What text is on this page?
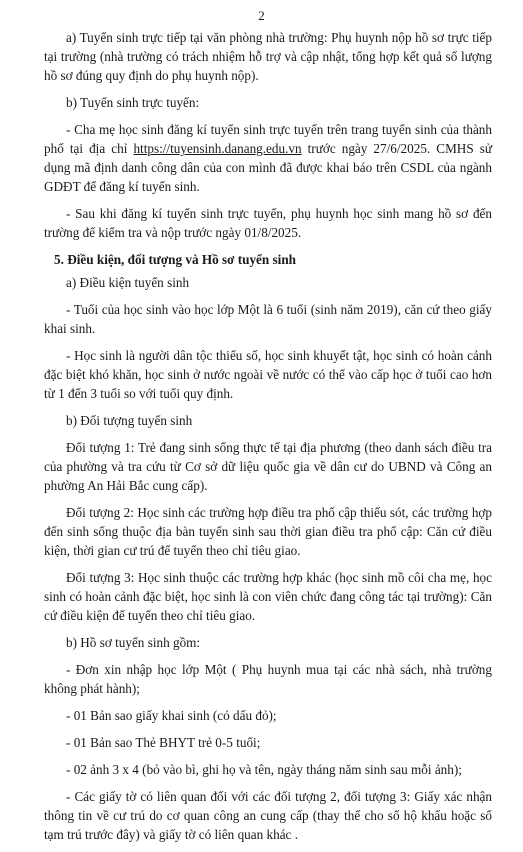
2

a) Tuyển sinh trực tiếp tại văn phòng nhà trường: Phụ huynh nộp hồ sơ trực tiếp tại trường (nhà trường có trách nhiệm hỗ trợ và cập nhật, tổng hợp kết quả số lượng hồ sơ đúng quy định do phụ huynh nộp).

b) Tuyển sinh trực tuyến:

- Cha mẹ học sinh đăng kí tuyển sinh trực tuyến trên trang tuyển sinh của thành phố tại địa chỉ https://tuyensinh.danang.edu.vn trước ngày 27/6/2025. CMHS sử dụng mã định danh công dân của con mình đã được khai báo trên CSDL của ngành GDĐT để đăng kí tuyển sinh.

- Sau khi đăng kí tuyển sinh trực tuyến, phụ huynh học sinh mang hồ sơ đến trường để kiểm tra và nộp trước ngày 01/8/2025.

5. Điều kiện, đối tượng và Hồ sơ tuyển sinh

a) Điều kiện tuyển sinh

- Tuổi của học sinh vào học lớp Một là 6 tuổi (sinh năm 2019), căn cứ theo giấy khai sinh.

- Học sinh là người dân tộc thiểu số, học sinh khuyết tật, học sinh có hoàn cảnh đặc biệt khó khăn, học sinh ở nước ngoài về nước có thể vào cấp học ở tuổi cao hơn từ 1 đến 3 tuổi so với tuổi quy định.

b) Đối tượng tuyển sinh

Đối tượng 1: Trẻ đang sinh sống thực tế tại địa phương (theo danh sách điều tra của phường và tra cứu từ Cơ sở dữ liệu quốc gia về dân cư do UBND và Công an phường An Hải Bắc cung cấp).

Đối tượng 2: Học sinh các trường hợp điều tra phổ cập thiếu sót, các trường hợp đến sinh sống thuộc địa bàn tuyển sinh sau thời gian điều tra phổ cập: Căn cứ điều kiện, thời gian cư trú để tuyển theo chỉ tiêu giao.

Đối tượng 3: Học sinh thuộc các trường hợp khác (học sinh mồ côi cha mẹ, học sinh có hoàn cảnh đặc biệt, học sinh là con viên chức đang công tác tại trường): Căn cứ điều kiện để tuyển theo chỉ tiêu giao.

b) Hồ sơ tuyển sinh gồm:

- Đơn xin nhập học lớp Một ( Phụ huynh mua tại các nhà sách, nhà trường không phát hành);

- 01 Bản sao giấy khai sinh (có dấu đỏ);

- 01 Bản sao Thẻ BHYT trẻ 0-5 tuổi;

- 02 ảnh 3 x 4 (bỏ vào bì, ghi họ và tên, ngày tháng năm sinh sau mỗi ảnh);

- Các giấy tờ có liên quan đối với các đối tượng 2, đối tượng 3: Giấy xác nhận thông tin về cư trú do cơ quan công an cung cấp (thay thế cho sổ hộ khẩu hoặc sổ tạm trú trước đây) và giấy tờ có liên quan khác .
